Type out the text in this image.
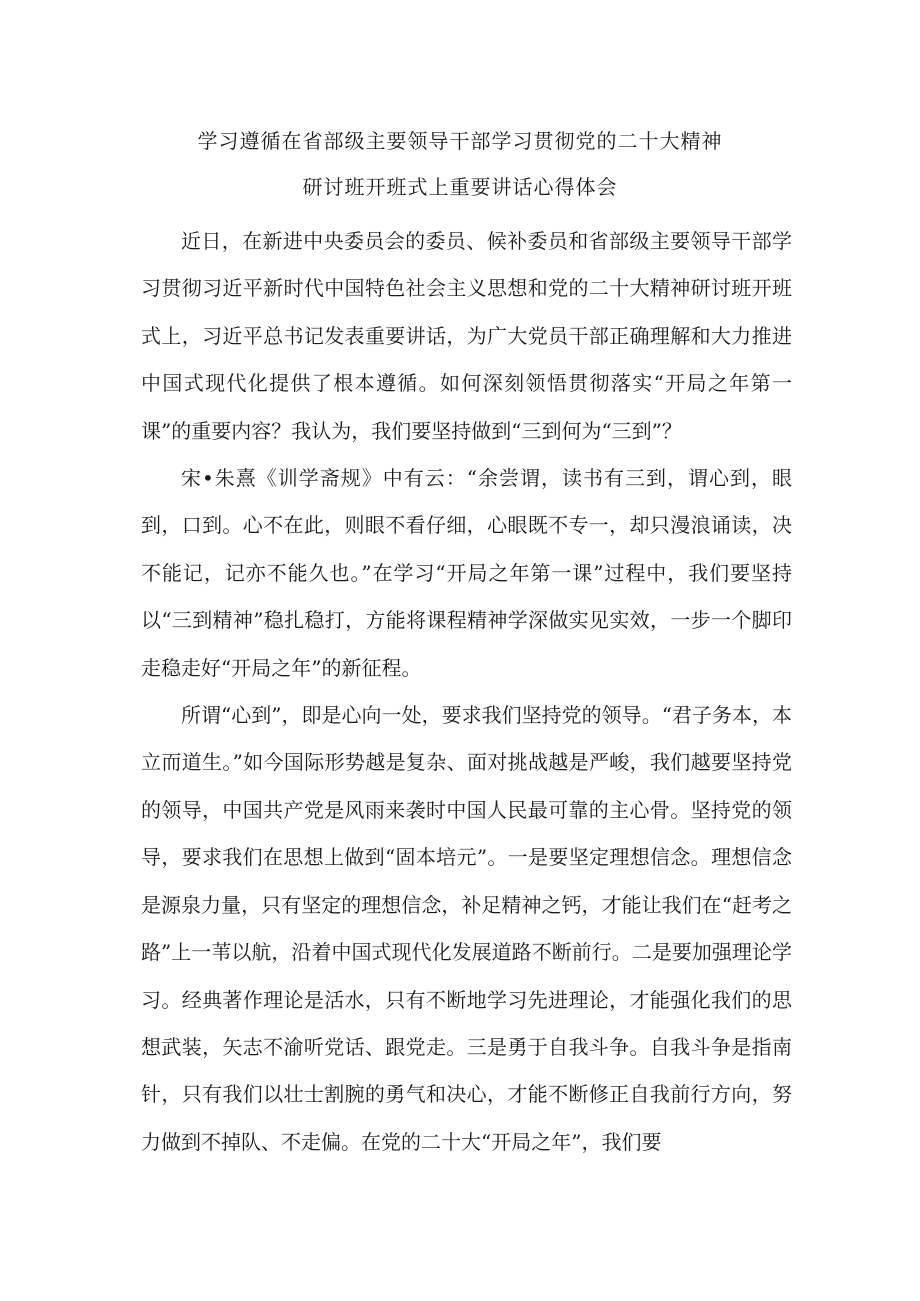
学习遵循在省部级主要领导干部学习贯彻党的二十大精神
研讨班开班式上重要讲话心得体会

近日，在新进中央委员会的委员、候补委员和省部级主要领导干部学习贯彻习近平新时代中国特色社会主义思想和党的二十大精神研讨班开班式上，习近平总书记发表重要讲话，为广大党员干部正确理解和大力推进中国式现代化提供了根本遵循。如何深刻领悟贯彻落实“开局之年第一课”的重要内容？我认为，我们要坚持做到“三到何为“三到”？

宋•朱熹《训学斋规》中有云：“余尝谓，读书有三到，谓心到，眼到，口到。心不在此，则眼不看仔细，心眼既不专一，却只漫浪诵读，决不能记，记亦不能久也。”在学习“开局之年第一课”过程中，我们要坚持以“三到精神”稳扎稳打，方能将课程精神学深做实见实效，一步一个脚印走稳走好“开局之年”的新征程。

所谓“心到”，即是心向一处，要求我们坚持党的领导。“君子务本，本立而道生。”如今国际形势越是复杂、面对挑战越是严峻，我们越要坚持党的领导，中国共产党是风雨来袭时中国人民最可靠的主心骨。坚持党的领导，要求我们在思想上做到“固本培元”。一是要坚定理想信念。理想信念是源泉力量，只有坚定的理想信念，补足精神之钙，才能让我们在“赶考之路”上一苇以航，沿着中国式现代化发展道路不断前行。二是要加强理论学习。经典著作理论是活水，只有不断地学习先进理论，才能强化我们的思想武装，矢志不渝听党话、跟党走。三是勇于自我斗争。自我斗争是指南针，只有我们以壮士割腕的勇气和决心，才能不断修正自我前行方向，努力做到不掉队、不走偏。在党的二十大“开局之年”，我们要
